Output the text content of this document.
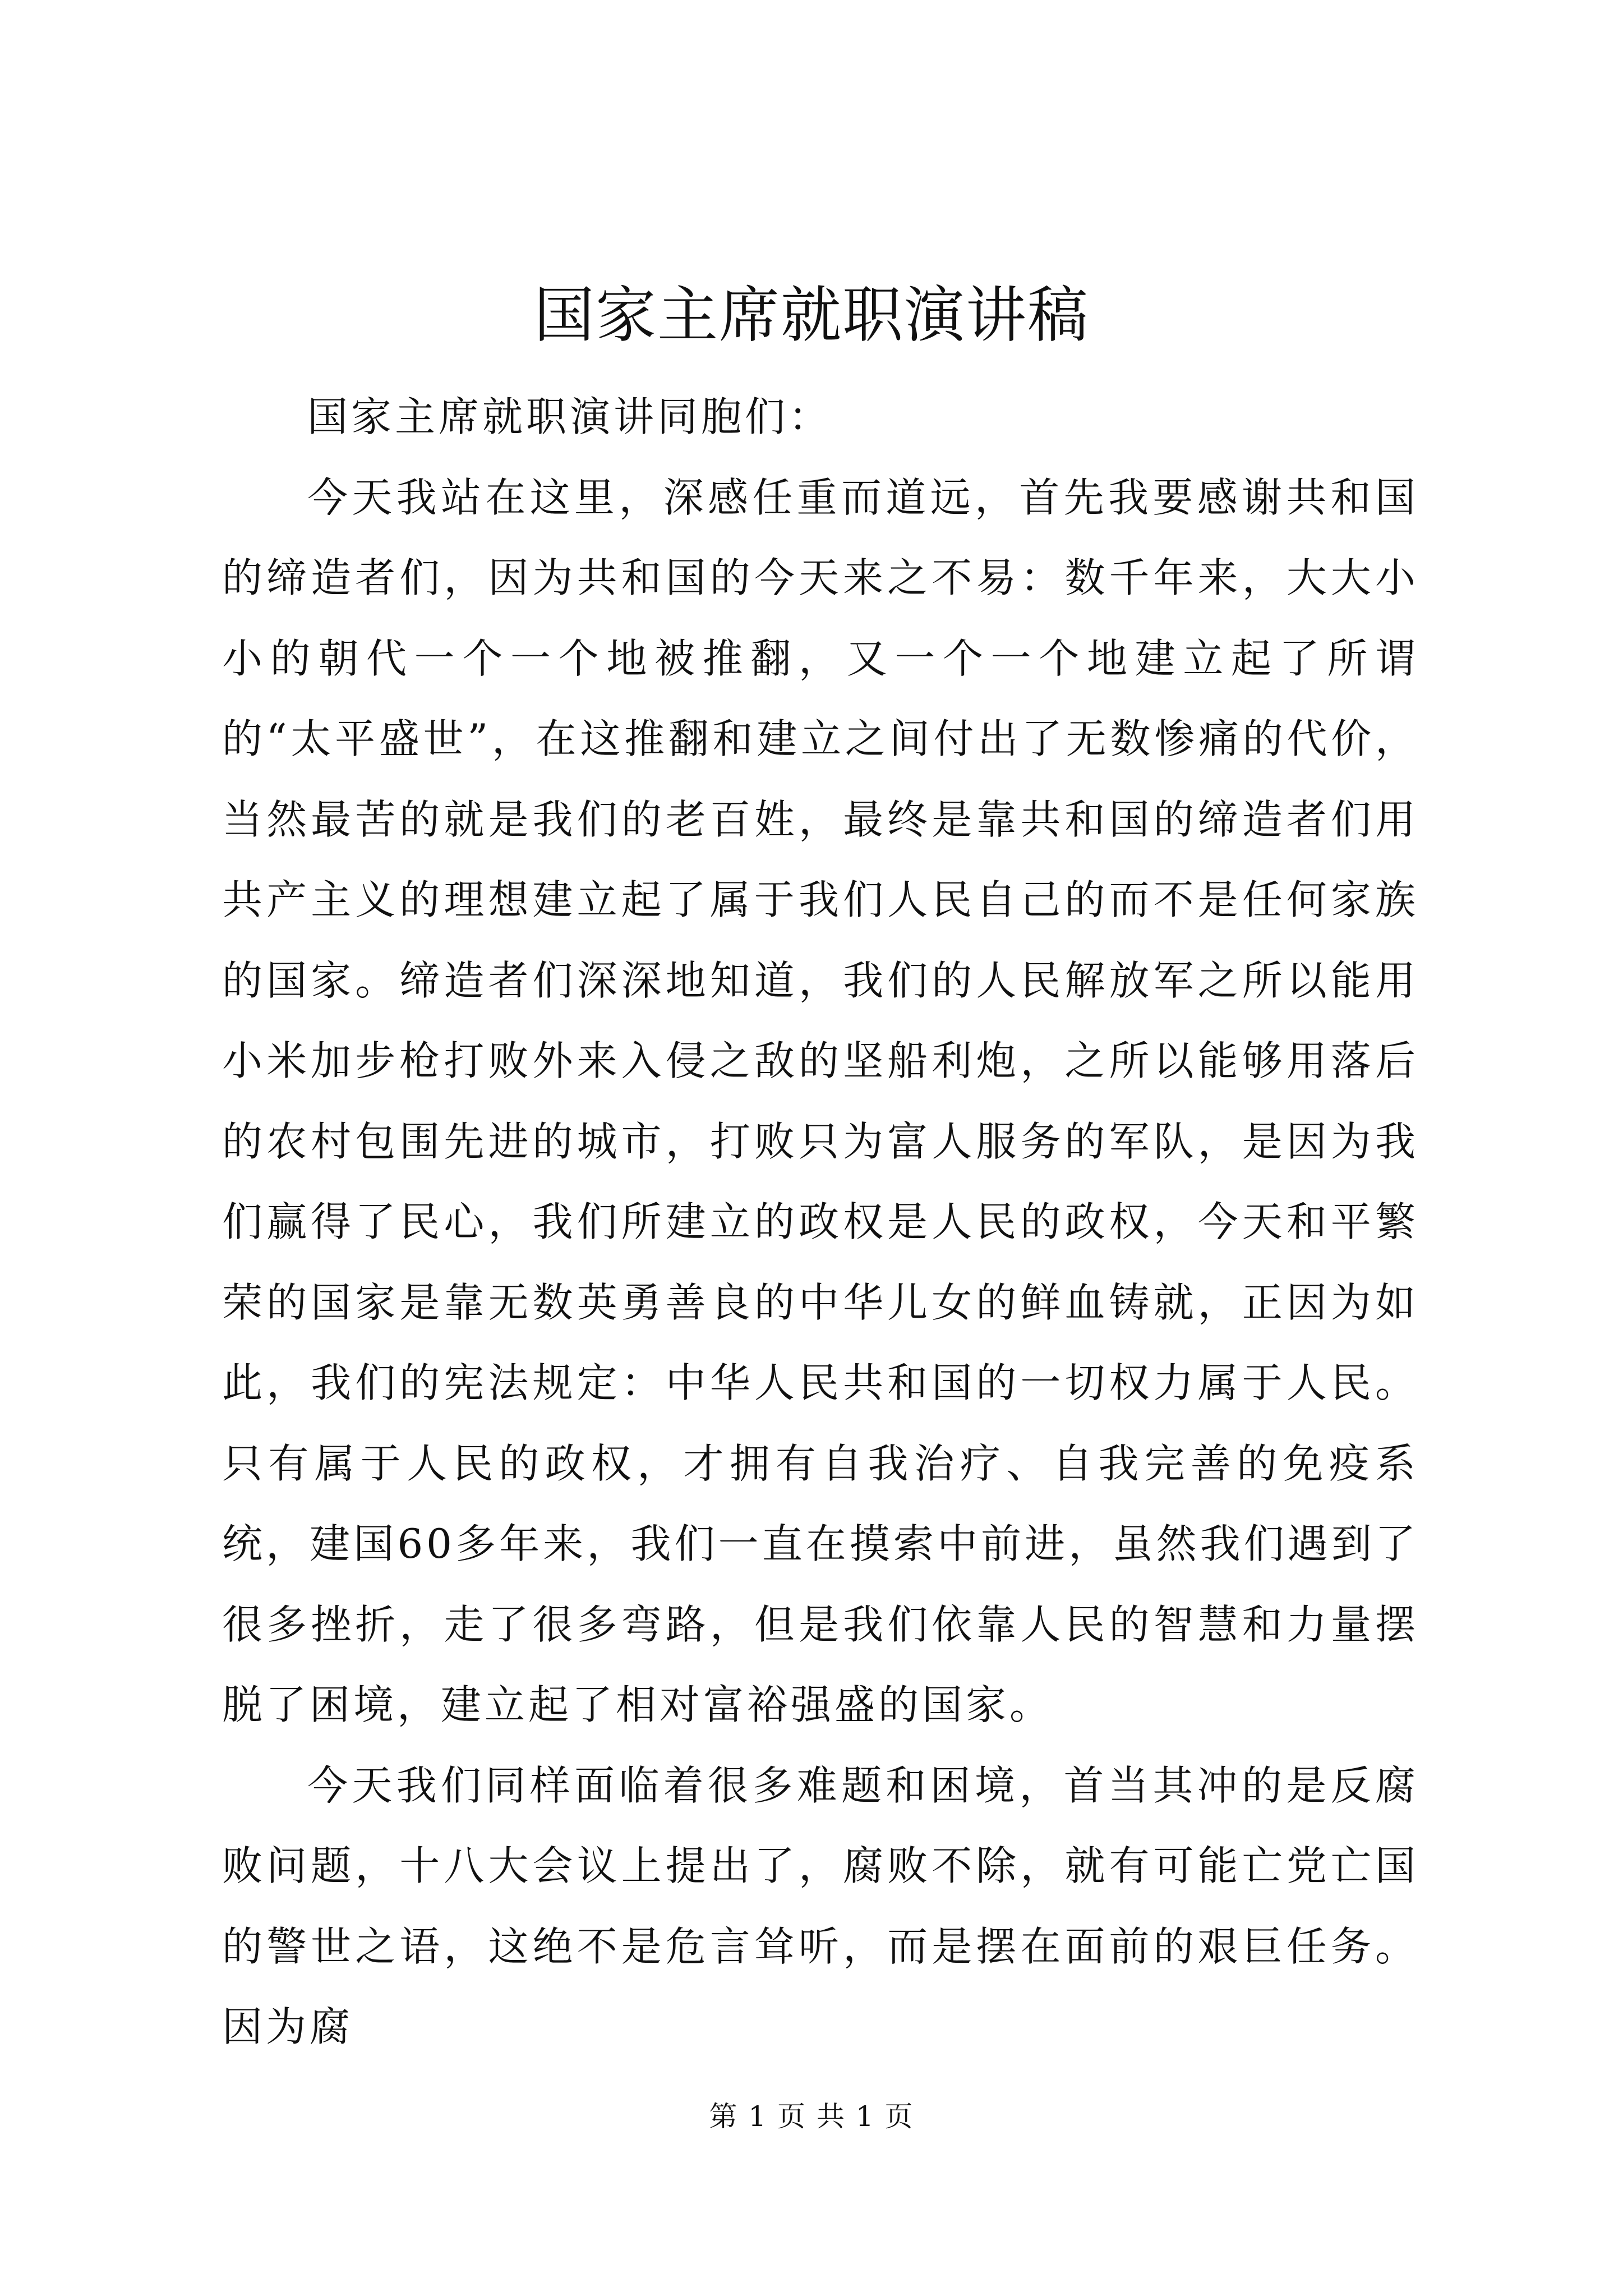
国家主席就职演讲稿

国家主席就职演讲同胞们：

今天我站在这里，深感任重而道远，首先我要感谢共和国的缔造者们，因为共和国的今天来之不易：数千年来，大大小小的朝代一个一个地被推翻，又一个一个地建立起了所谓的“太平盛世”，在这推翻和建立之间付出了无数惨痛的代价，当然最苦的就是我们的老百姓，最终是靠共和国的缔造者们用共产主义的理想建立起了属于我们人民自己的而不是任何家族的国家。缔造者们深深地知道，我们的人民解放军之所以能用小米加步枪打败外来入侵之敌的坚船利炮，之所以能够用落后的农村包围先进的城市，打败只为富人服务的军队，是因为我们赢得了民心，我们所建立的政权是人民的政权，今天和平繁荣的国家是靠无数英勇善良的中华儿女的鲜血铸就，正因为如此，我们的宪法规定：中华人民共和国的一切权力属于人民。只有属于人民的政权，才拥有自我治疗、自我完善的免疫系统，建国60多年来，我们一直在摸索中前进，虽然我们遇到了很多挫折，走了很多弯路，但是我们依靠人民的智慧和力量摆脱了困境，建立起了相对富裕强盛的国家。

今天我们同样面临着很多难题和困境，首当其冲的是反腐败问题，十八大会议上提出了，腐败不除，就有可能亡党亡国的警世之语，这绝不是危言耸听，而是摆在面前的艰巨任务。因为腐

第 1 页 共 1 页
